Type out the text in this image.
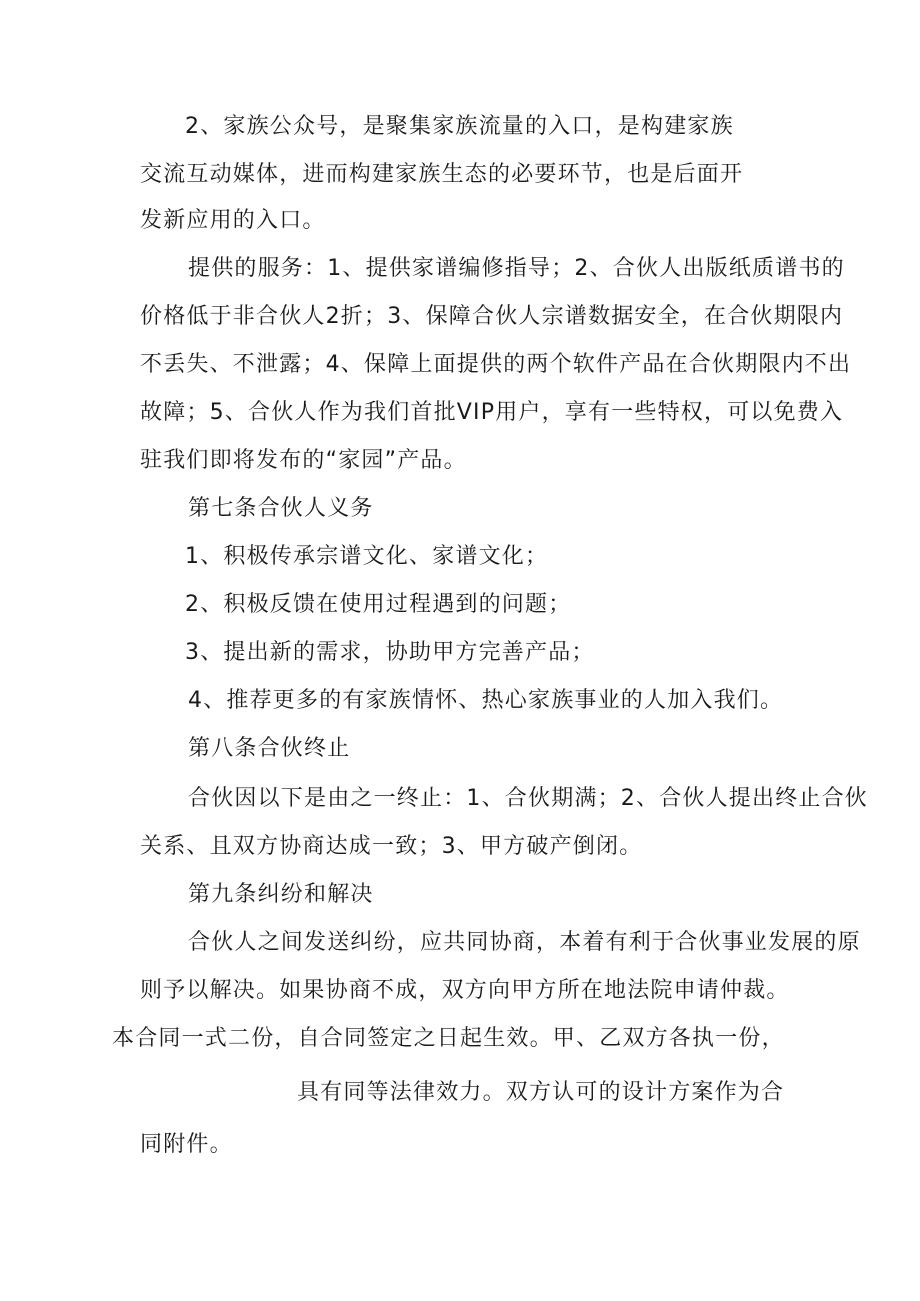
2、家族公众号，是聚集家族流量的入口，是构建家族
交流互动媒体，进而构建家族生态的必要环节，也是后面开
发新应用的入口。
提供的服务：1、提供家谱编修指导；2、合伙人出版纸质谱书的
价格低于非合伙人2折；3、保障合伙人宗谱数据安全，在合伙期限内
不丢失、不泄露；4、保障上面提供的两个软件产品在合伙期限内不出
故障；5、合伙人作为我们首批VIP用户，享有一些特权，可以免费入
驻我们即将发布的“家园”产品。
第七条合伙人义务
1、积极传承宗谱文化、家谱文化；
2、积极反馈在使用过程遇到的问题；
3、提出新的需求，协助甲方完善产品；
4、推荐更多的有家族情怀、热心家族事业的人加入我们。
第八条合伙终止
合伙因以下是由之一终止：1、合伙期满；2、合伙人提出终止合伙
关系、且双方协商达成一致；3、甲方破产倒闭。
第九条纠纷和解决
合伙人之间发送纠纷，应共同协商，本着有利于合伙事业发展的原
则予以解决。如果协商不成，双方向甲方所在地法院申请仲裁。
本合同一式二份，自合同签定之日起生效。甲、乙双方各执一份，
具有同等法律效力。双方认可的设计方案作为合
同附件。
